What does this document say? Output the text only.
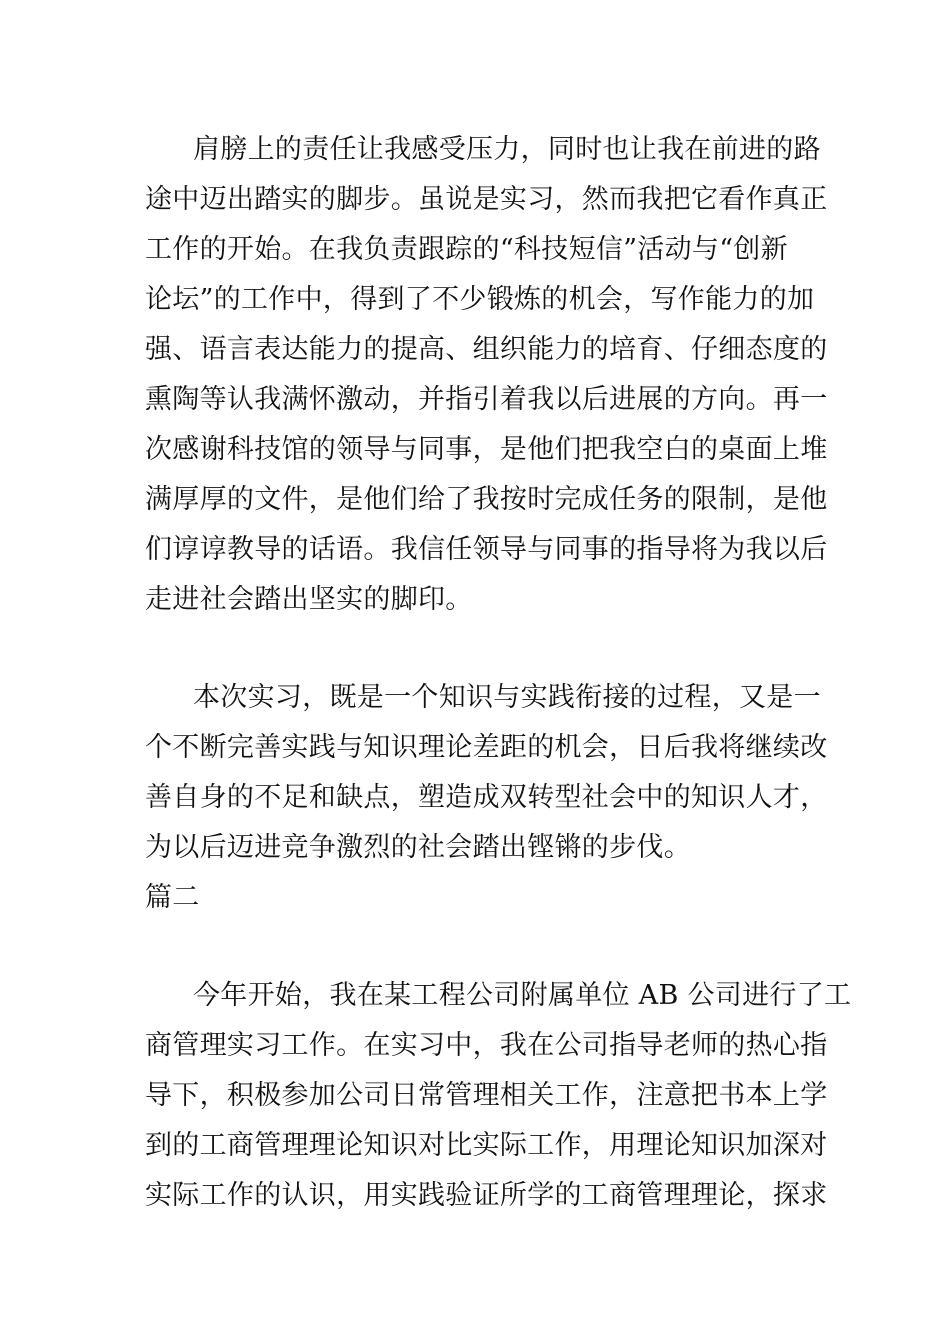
肩膀上的责任让我感受压力，同时也让我在前进的路
途中迈出踏实的脚步。虽说是实习，然而我把它看作真正
工作的开始。在我负责跟踪的“科技短信”活动与“创新
论坛”的工作中，得到了不少锻炼的机会，写作能力的加
强、语言表达能力的提高、组织能力的培育、仔细态度的
熏陶等认我满怀激动，并指引着我以后进展的方向。再一
次感谢科技馆的领导与同事，是他们把我空白的桌面上堆
满厚厚的文件，是他们给了我按时完成任务的限制，是他
们谆谆教导的话语。我信任领导与同事的指导将为我以后
走进社会踏出坚实的脚印。
本次实习，既是一个知识与实践衔接的过程，又是一
个不断完善实践与知识理论差距的机会，日后我将继续改
善自身的不足和缺点，塑造成双转型社会中的知识人才，
为以后迈进竞争激烈的社会踏出铿锵的步伐。
篇二
今年开始，我在某工程公司附属单位 AB 公司进行了工
商管理实习工作。在实习中，我在公司指导老师的热心指
导下，积极参加公司日常管理相关工作，注意把书本上学
到的工商管理理论知识对比实际工作，用理论知识加深对
实际工作的认识，用实践验证所学的工商管理理论，探求
